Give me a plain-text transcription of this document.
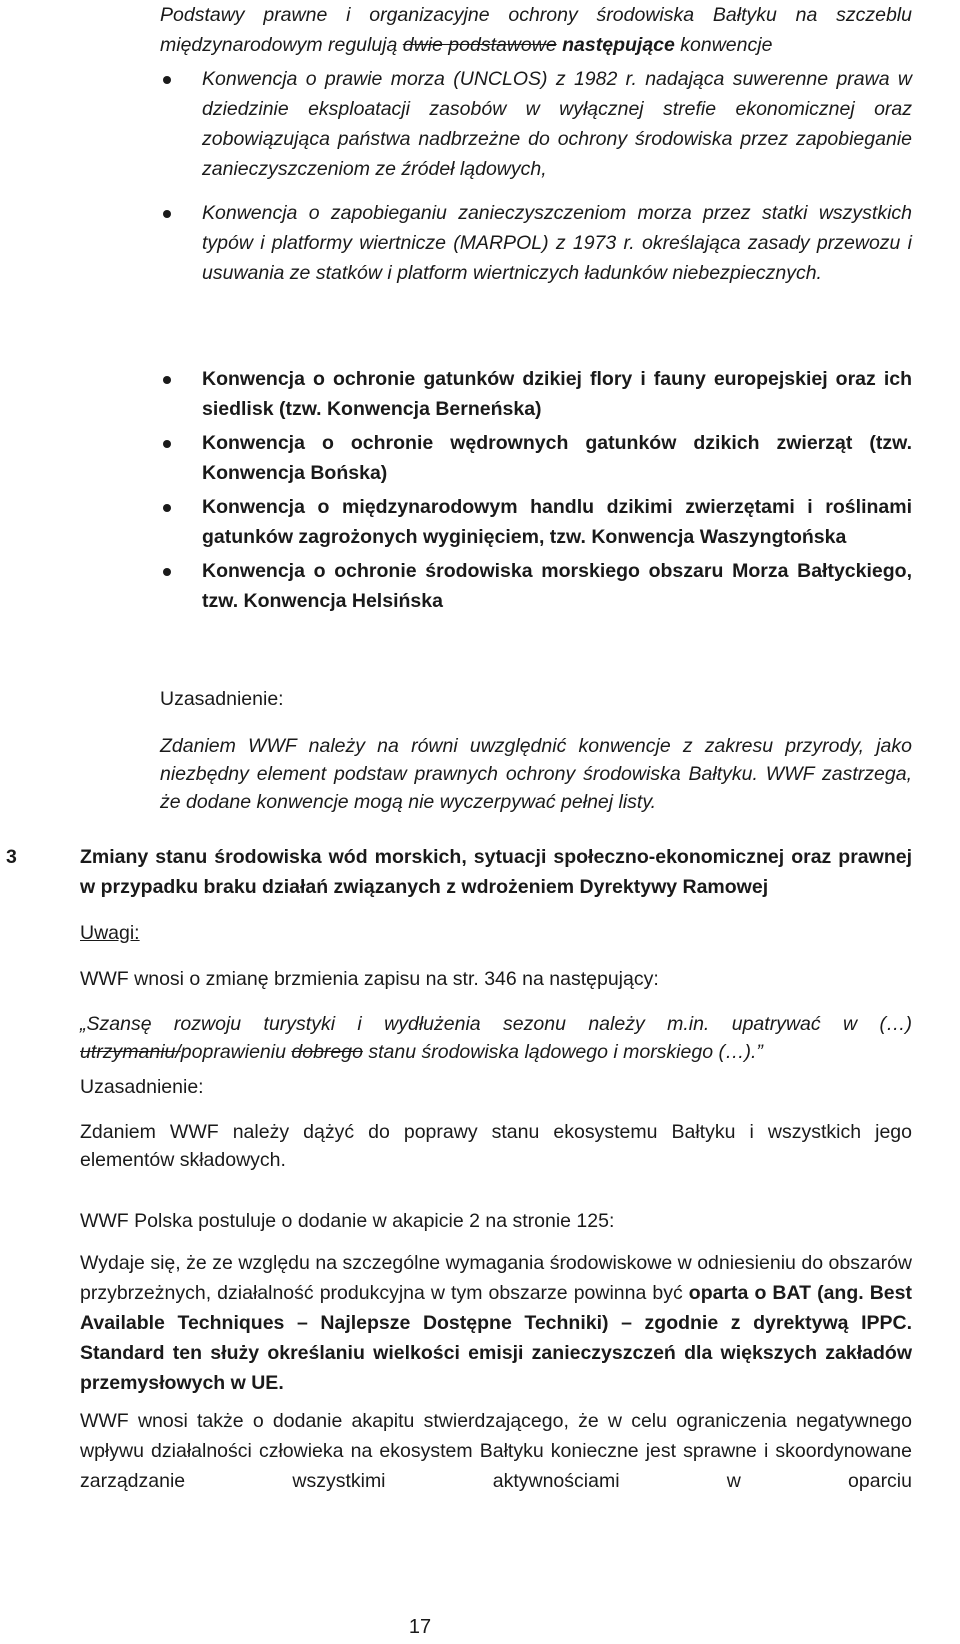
Podstawy prawne i organizacyjne ochrony środowiska Bałtyku na szczeblu międzynarodowym regulują dwie podstawowe następujące konwencje

Konwencja o prawie morza (UNCLOS) z 1982 r. nadająca suwerenne prawa w dziedzinie eksploatacji zasobów w wyłącznej strefie ekonomicznej oraz zobowiązująca państwa nadbrzeżne do ochrony środowiska przez zapobieganie zanieczyszczeniom ze źródeł lądowych,
Konwencja o zapobieganiu zanieczyszczeniom morza przez statki wszystkich typów i platformy wiertnicze (MARPOL) z 1973 r. określająca zasady przewozu i usuwania ze statków i platform wiertniczych ładunków niebezpiecznych.
Konwencja o ochronie gatunków dzikiej flory i fauny europejskiej oraz ich siedlisk (tzw. Konwencja Berneńska)
Konwencja o ochronie wędrownych gatunków dzikich zwierząt (tzw. Konwencja Bońska)
Konwencja o międzynarodowym handlu dzikimi zwierzętami i roślinami gatunków zagrożonych wyginięciem, tzw. Konwencja Waszyngtońska
Konwencja o ochronie środowiska morskiego obszaru Morza Bałtyckiego, tzw. Konwencja Helsińska

Uzasadnienie:

Zdaniem WWF należy na równi uwzględnić konwencje z zakresu przyrody, jako niezbędny element podstaw prawnych ochrony środowiska Bałtyku. WWF zastrzega, że dodane konwencje mogą nie wyczerpywać pełnej listy.

3	Zmiany stanu środowiska wód morskich, sytuacji społeczno-ekonomicznej oraz prawnej w przypadku braku działań związanych z wdrożeniem Dyrektywy Ramowej

Uwagi:

WWF wnosi o zmianę brzmienia zapisu na str. 346 na następujący:

„Szansę rozwoju turystyki i wydłużenia sezonu należy m.in. upatrywać w (…) utrzymaniu/poprawieniu dobrego stanu środowiska lądowego i morskiego (…).”

Uzasadnienie:

Zdaniem WWF należy dążyć do poprawy stanu ekosystemu Bałtyku i wszystkich jego elementów składowych.

WWF Polska postuluje o dodanie w akapicie 2 na stronie 125:

Wydaje się, że ze względu na szczególne wymagania środowiskowe w odniesieniu do obszarów przybrzeżnych, działalność produkcyjna w tym obszarze powinna być oparta o BAT (ang. Best Available Techniques – Najlepsze Dostępne Techniki) – zgodnie z dyrektywą IPPC. Standard ten służy określaniu wielkości emisji zanieczyszczeń dla większych zakładów przemysłowych w UE.

WWF wnosi także o dodanie akapitu stwierdzającego, że w celu ograniczenia negatywnego wpływu działalności człowieka na ekosystem Bałtyku konieczne jest sprawne i skoordynowane zarządzanie wszystkimi aktywnościami w oparciu

17
